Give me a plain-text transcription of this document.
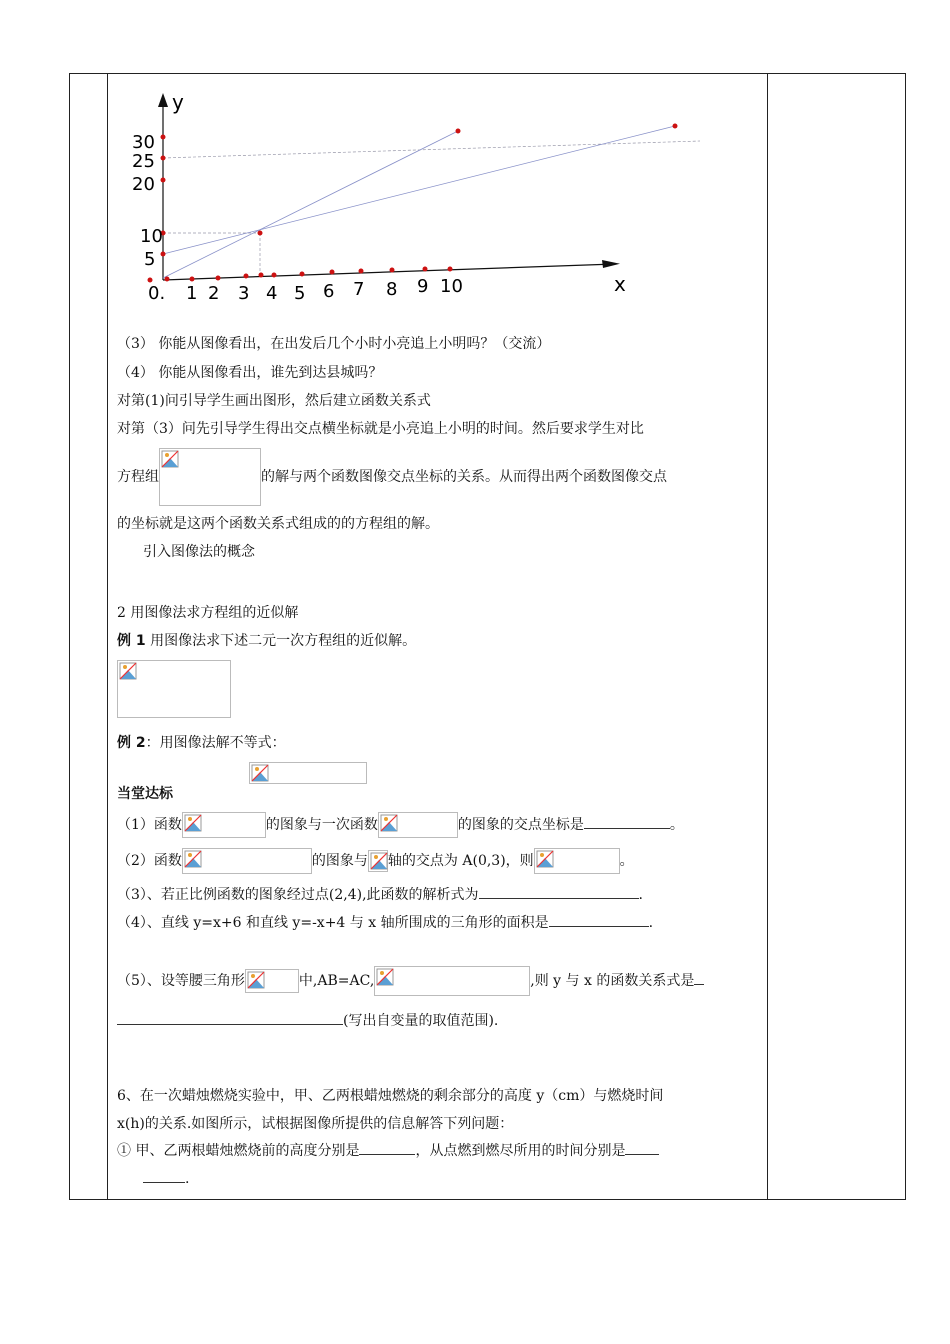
y
x
30
25
20
10
5
0. 1 2 3 4 5 6 7 8 9 10
（3） 你能从图像看出，在出发后几个小时小亮追上小明吗？（交流）
（4） 你能从图像看出，谁先到达县城吗？
对第(1)问引导学生画出图形，然后建立函数关系式
对第（3）问先引导学生得出交点横坐标就是小亮追上小明的时间。然后要求学生对比
方程组	的解与两个函数图像交点坐标的关系。从而得出两个函数图像交点
的坐标就是这两个函数关系式组成的的方程组的解。
引入图像法的概念
2 用图像法求方程组的近似解
例 1 用图像法求下述二元一次方程组的近似解。
例 2：用图像法解不等式：
当堂达标
（1）函数	的图象与一次函数	的图象的交点坐标是	。
（2）函数	的图象与 轴的交点为 A(0,3)，则	。
（3）、若正比例函数的图象经过点(2,4),此函数的解析式为	.
（4）、直线 y=x+6 和直线 y=-x+4 与 x 轴所围成的三角形的面积是	.
（5）、设等腰三角形	中,AB=AC,	,则 y 与 x 的函数关系式是
(写出自变量的取值范围).
6、在一次蜡烛燃烧实验中，甲、乙两根蜡烛燃烧的剩余部分的高度 y（cm）与燃烧时间
x(h)的关系.如图所示，试根据图像所提供的信息解答下列问题：
① 甲、乙两根蜡烛燃烧前的高度分别是	，从点燃到燃尽所用的时间分别是
.
